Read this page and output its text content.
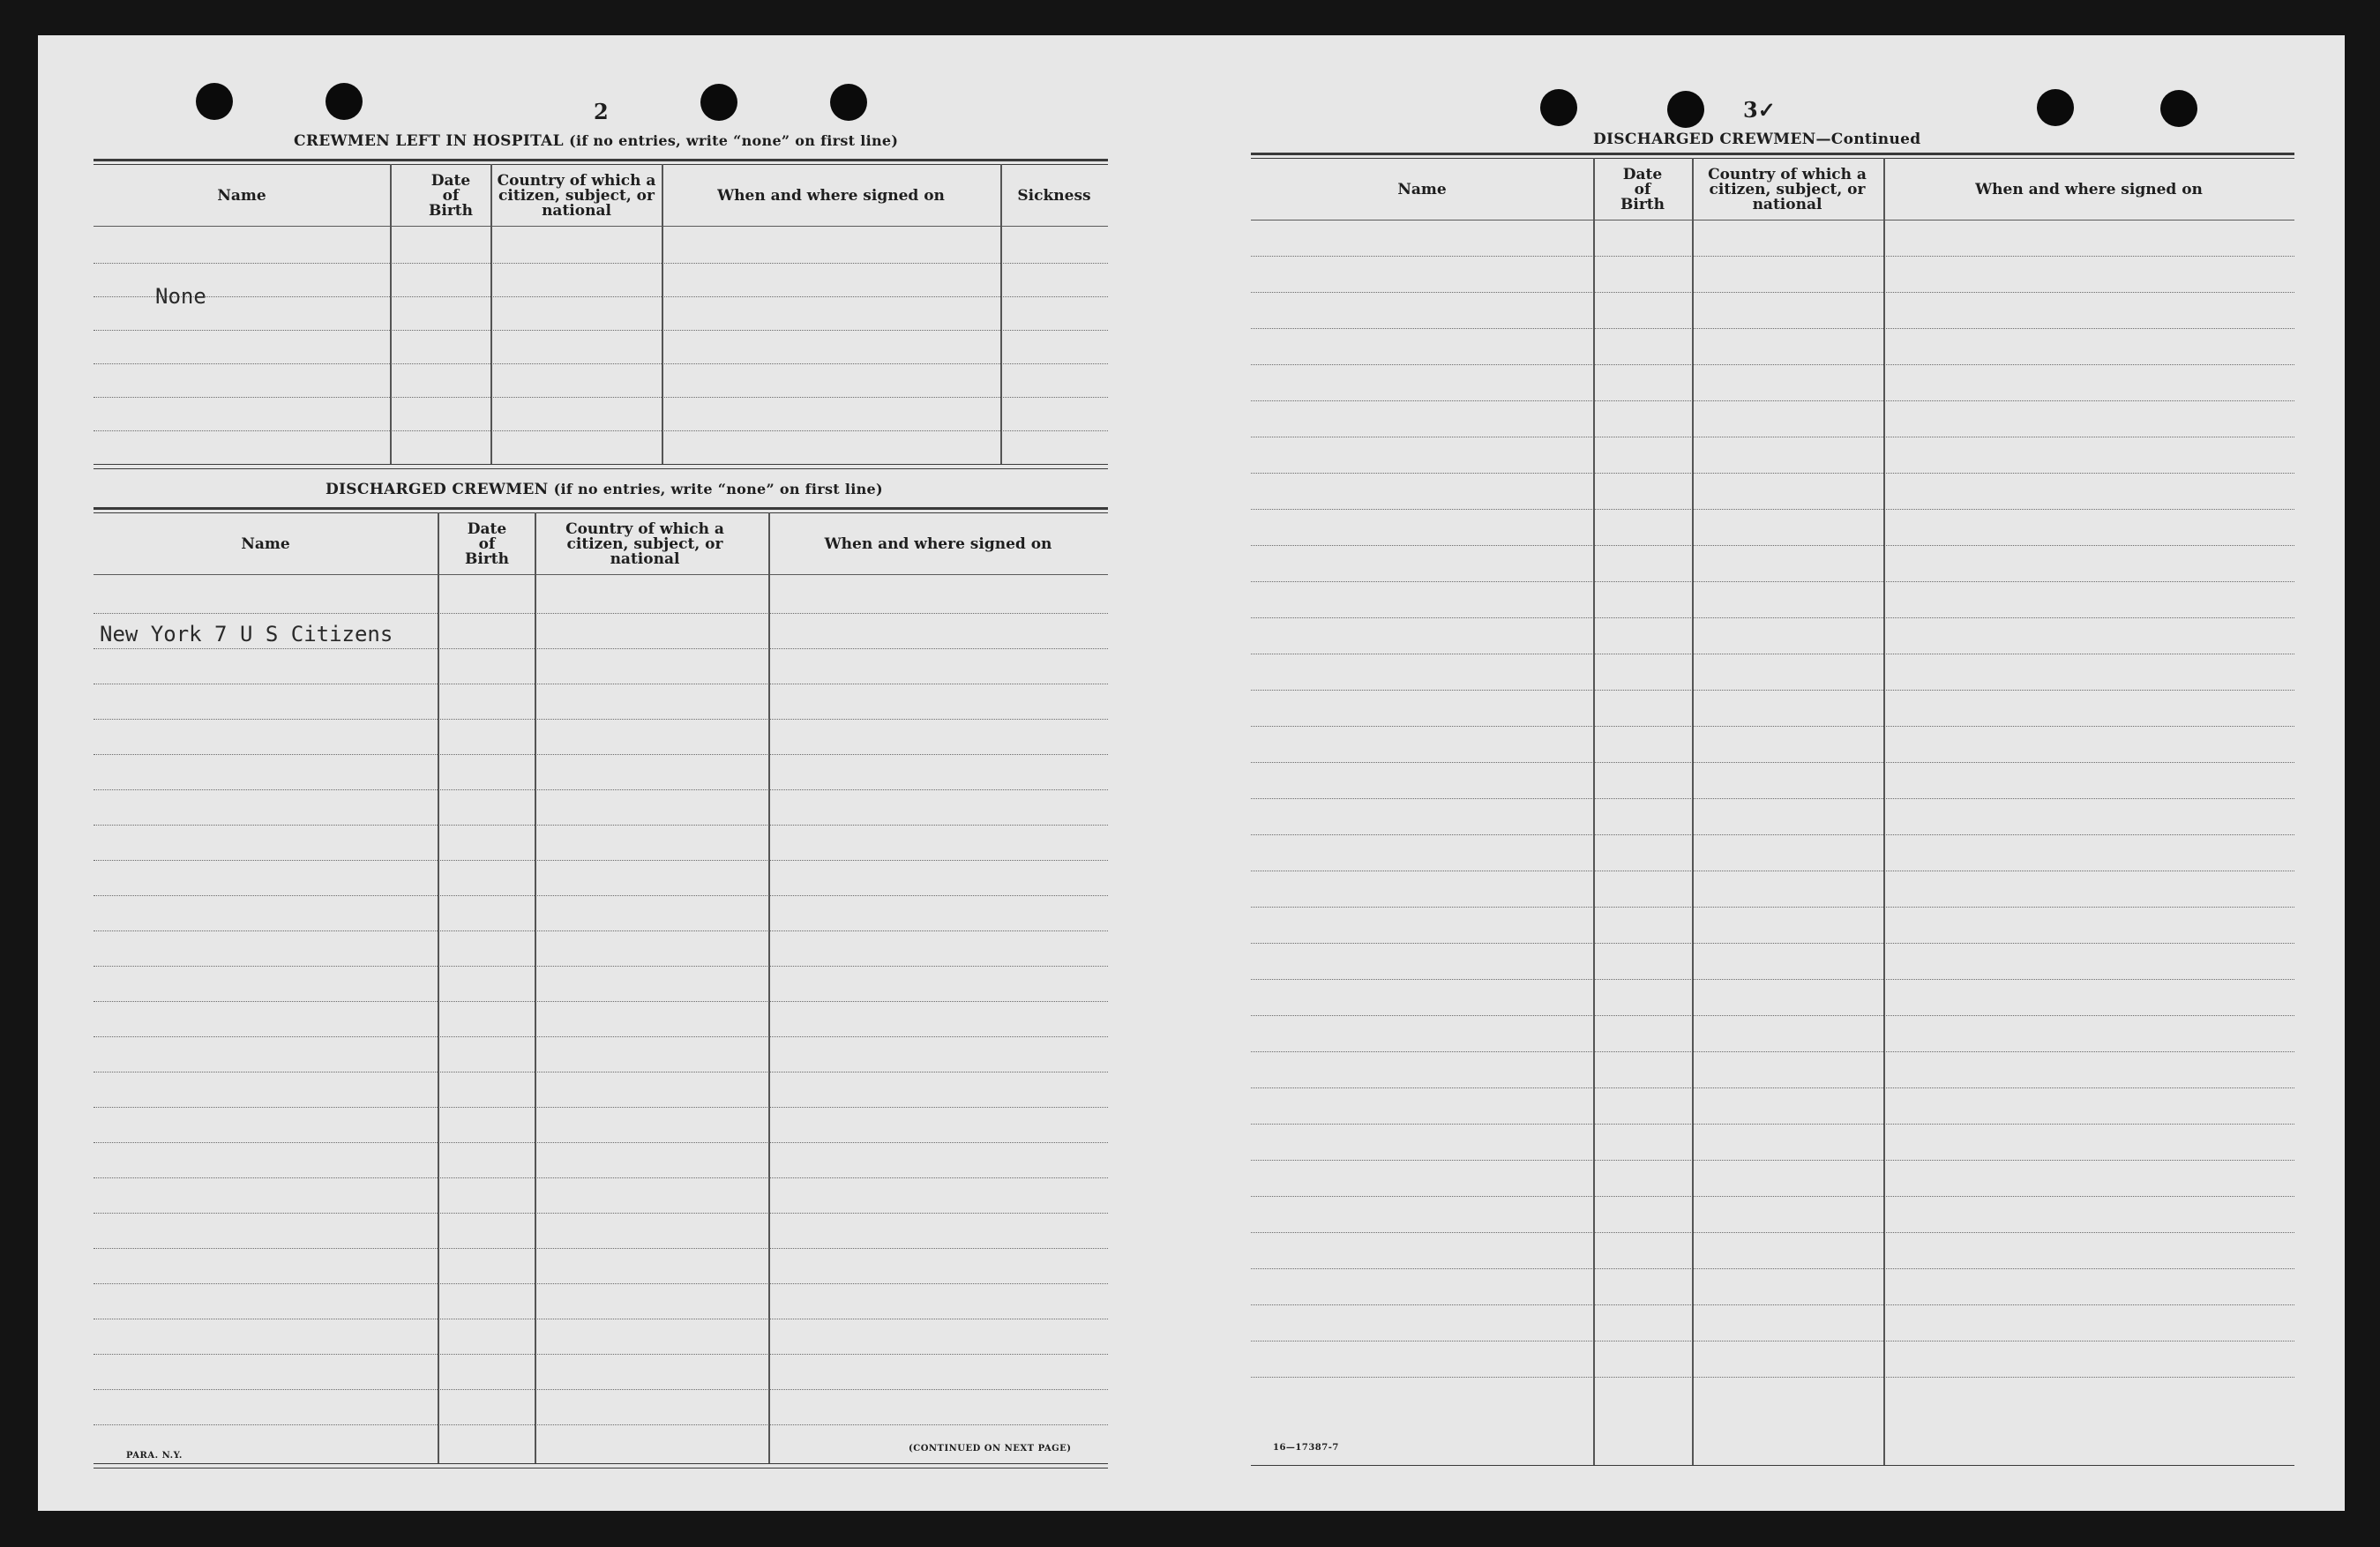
2
CREWMEN LEFT IN HOSPITAL (if no entries, write “none” on first line)
Name
Date of Birth
Country of which a citizen, subject, or national
When and where signed on	Sickness
None
DISCHARGED CREWMEN (if no entries, write “none” on first line)
Name
Date of Birth
Country of which a citizen, subject, or national
When and where signed on
New York 7 U S Citizens
PARA. N.Y.
(CONTINUED ON NEXT PAGE)
3✓
DISCHARGED CREWMEN—Continued
Name
Date of Birth
Country of which a citizen, subject, or national
When and where signed on
16—17387-7
